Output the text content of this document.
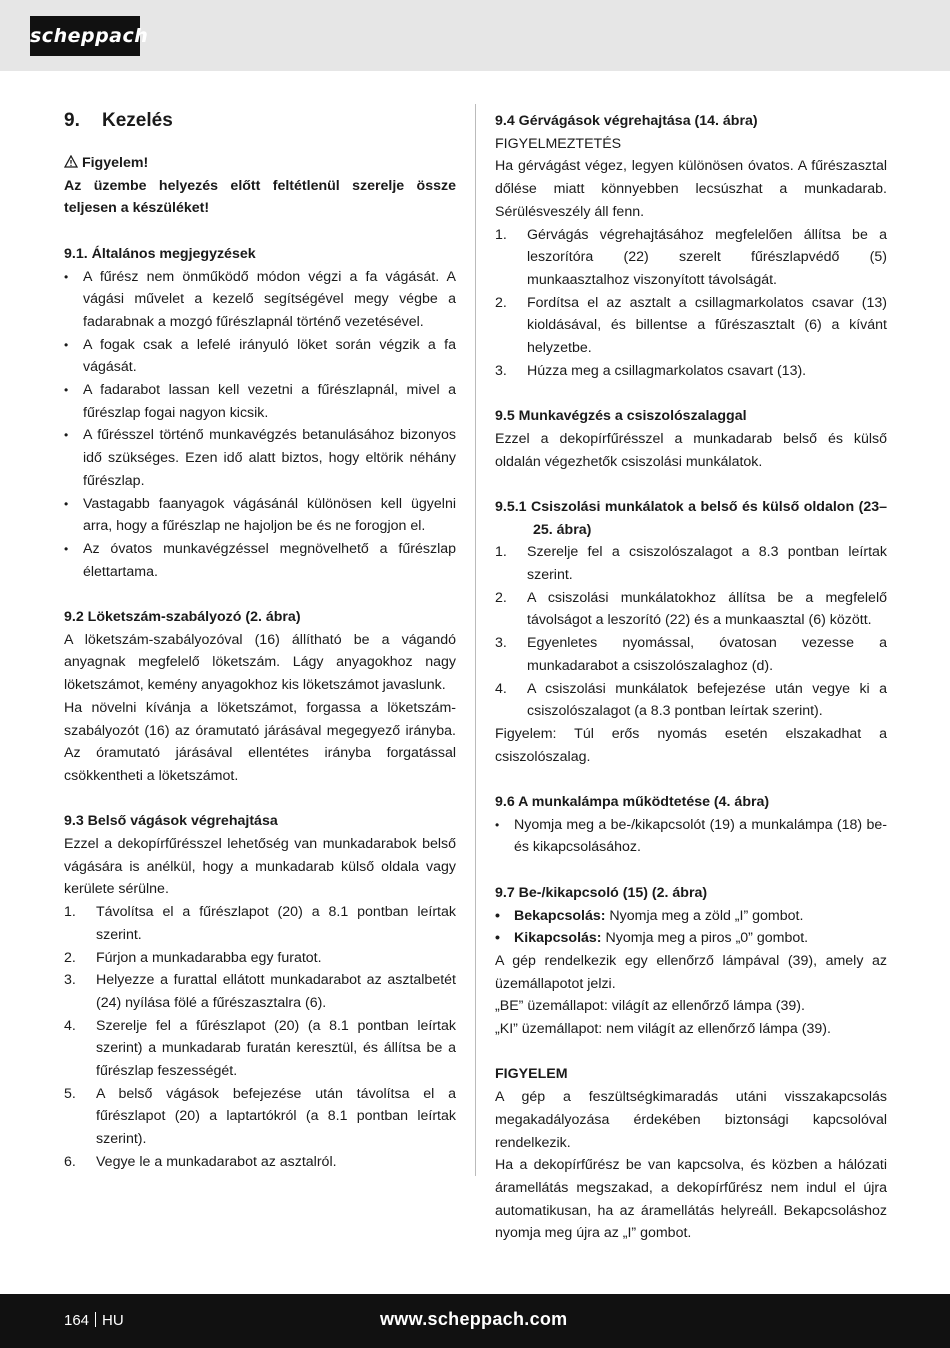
scheppach
9.	Kezelés

Figyelem!

Az üzembe helyezés előtt feltétlenül szerelje össze teljesen a készüléket!

9.1. Általános megjegyzések

• A fűrész nem önműködő módon végzi a fa vágását. A vágási művelet a kezelő segítségével megy végbe a fadarabnak a mozgó fűrészlapnál történő vezetésével.
• A fogak csak a lefelé irányuló löket során végzik a fa vágását.
• A fadarabot lassan kell vezetni a fűrészlapnál, mivel a fűrészlap fogai nagyon kicsik.
• A fűrésszel történő munkavégzés betanulásához bizonyos idő szükséges. Ezen idő alatt biztos, hogy eltörik néhány fűrészlap.
• Vastagabb faanyagok vágásánál különösen kell ügyelni arra, hogy a fűrészlap ne hajoljon be és ne forogjon el.
• Az óvatos munkavégzéssel megnövelhető a fűrészlap élettartama.

9.2 Löketszám-szabályozó (2. ábra)

A löketszám-szabályozóval (16) állítható be a vágandó anyagnak megfelelő löketszám. Lágy anyagokhoz nagy löketszámot, kemény anyagokhoz kis löketszámot javaslunk.

Ha növelni kívánja a löketszámot, forgassa a löketszám-szabályozót (16) az óramutató járásával megegyező irányba. Az óramutató járásával ellentétes irányba forgatással csökkentheti a löketszámot.

9.3 Belső vágások végrehajtása

Ezzel a dekopírfűrésszel lehetőség van munkadarabok belső vágására is anélkül, hogy a munkadarab külső oldala vagy kerülete sérülne.

1. Távolítsa el a fűrészlapot (20) a 8.1 pontban leírtak szerint.
2. Fúrjon a munkadarabba egy furatot.
3. Helyezze a furattal ellátott munkadarabot az asztalbetét (24) nyílása fölé a fűrészasztalra (6).
4. Szerelje fel a fűrészlapot (20) (a 8.1 pontban leírtak szerint) a munkadarab furatán keresztül, és állítsa be a fűrészlap feszességét.
5. A belső vágások befejezése után távolítsa el a fűrészlapot (20) a laptartókról (a 8.1 pontban leírtak szerint).
6. Vegye le a munkadarabot az asztalról.

9.4 Gérvágások végrehajtása (14. ábra)

FIGYELMEZTETÉS

Ha gérvágást végez, legyen különösen óvatos. A fűrészasztal dőlése miatt könnyebben lecsúszhat a munkadarab. Sérülésveszély áll fenn.

1. Gérvágás végrehajtásához megfelelően állítsa be a leszorítóra (22) szerelt fűrészlapvédő (5) munkaasztalhoz viszonyított távolságát.
2. Fordítsa el az asztalt a csillagmarkolatos csavar (13) kioldásával, és billentse a fűrészasztalt (6) a kívánt helyzetbe.
3. Húzza meg a csillagmarkolatos csavart (13).

9.5 Munkavégzés a csiszolószalaggal

Ezzel a dekopírfűrésszel a munkadarab belső és külső oldalán végezhetők csiszolási munkálatok.

9.5.1 Csiszolási munkálatok a belső és külső oldalon (23–25. ábra)

1. Szerelje fel a csiszolószalagot a 8.3 pontban leírtak szerint.
2. A csiszolási munkálatokhoz állítsa be a megfelelő távolságot a leszorító (22) és a munkaasztal (6) között.
3. Egyenletes nyomással, óvatosan vezesse a munkadarabot a csiszolószalaghoz (d).
4. A csiszolási munkálatok befejezése után vegye ki a csiszolószalagot (a 8.3 pontban leírtak szerint).

Figyelem: Túl erős nyomás esetén elszakadhat a csiszolószalag.

9.6 A munkalámpa működtetése (4. ábra)

• Nyomja meg a be-/kikapcsolót (19) a munkalámpa (18) be- és kikapcsolásához.

9.7 Be-/kikapcsoló (15) (2. ábra)

• Bekapcsolás: Nyomja meg a zöld „I” gombot.
• Kikapcsolás: Nyomja meg a piros „0” gombot.

A gép rendelkezik egy ellenőrző lámpával (39), amely az üzemállapotot jelzi.

„BE” üzemállapot: világít az ellenőrző lámpa (39).

„KI” üzemállapot: nem világít az ellenőrző lámpa (39).

FIGYELEM

A gép a feszültségkimaradás utáni visszakapcsolás megakadályozása érdekében biztonsági kapcsolóval rendelkezik.

Ha a dekopírfűrész be van kapcsolva, és közben a hálózati áramellátás megszakad, a dekopírfűrész nem indul el újra automatikusan, ha az áramellátás helyreáll. Bekapcsoláshoz nyomja meg újra az „I” gombot.

164 HU	www.scheppach.com
